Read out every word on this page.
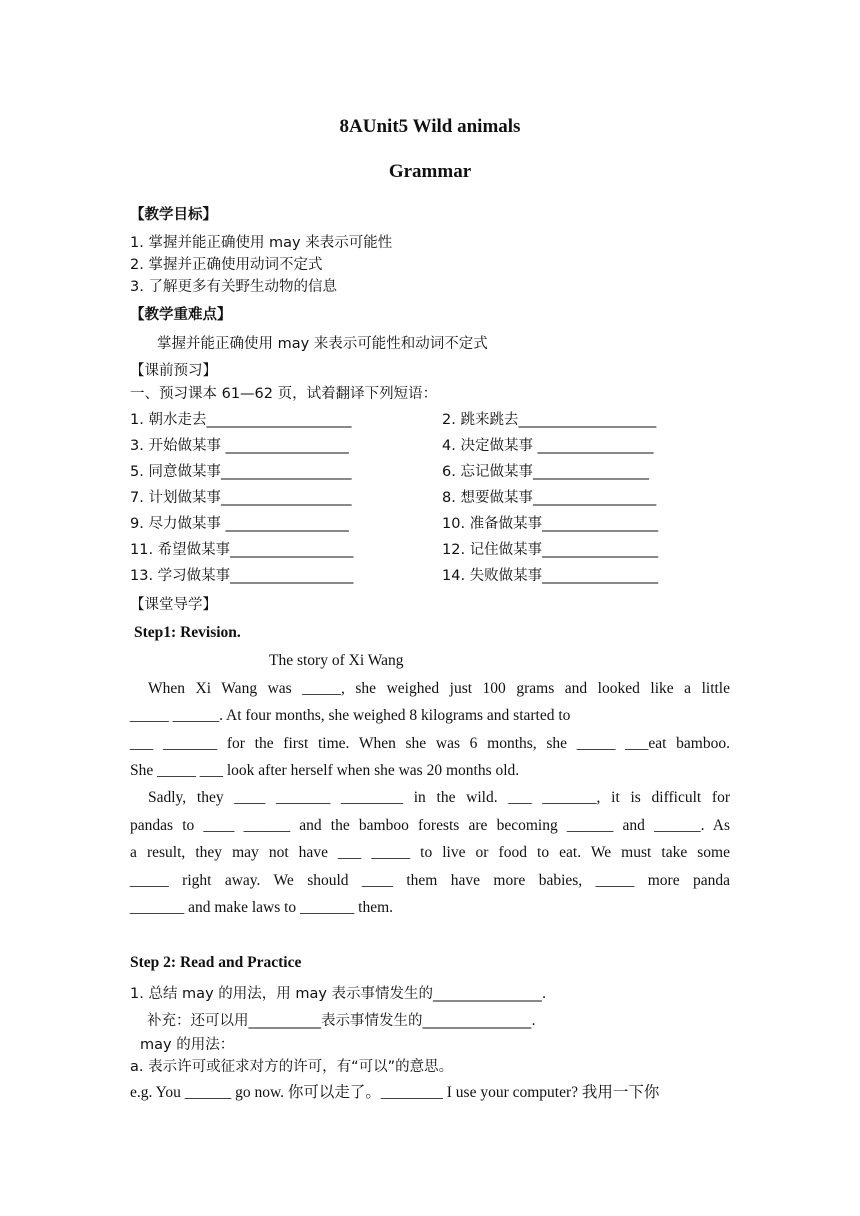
8AUnit5 Wild animals
Grammar
【教学目标】
1. 掌握并能正确使用 may 来表示可能性
2. 掌握并正确使用动词不定式
3. 了解更多有关野生动物的信息
【教学重难点】
掌握并能正确使用 may 来表示可能性和动词不定式
【课前预习】
一、预习课本 61—62 页，试着翻译下列短语：
1. 朝水走去____________________
3. 开始做某事 _________________
5. 同意做某事__________________
7. 计划做某事__________________
9. 尽力做某事 _________________
11. 希望做某事_________________
13. 学习做某事_________________
2. 跳来跳去___________________
4. 决定做某事 ________________
6. 忘记做某事________________
8. 想要做某事_________________
10. 准备做某事________________
12. 记住做某事________________
14. 失败做某事________________
【课堂导学】
Step1: Revision.
The story of Xi Wang
When Xi Wang was _____, she weighed just 100 grams and looked like a little
_____ ______. At four months, she weighed 8 kilograms and started to
___ _______ for the first time. When she was 6 months, she _____ ___eat bamboo.
She _____ ___ look after herself when she was 20 months old.
Sadly, they ____ _______ ________ in the wild. ___ _______, it is difficult for
pandas to ____ ______ and the bamboo forests are becoming ______ and ______. As
a result, they may not have ___ _____ to live or food to eat. We must take some
_____ right away. We should ____ them have more babies, _____ more panda
_______ and make laws to _______ them.
Step 2: Read and Practice
1. 总结 may 的用法，用 may 表示事情发生的_______________.
补充：还可以用__________表示事情发生的_______________.
may 的用法：
a. 表示许可或征求对方的许可，有“可以”的意思。
e.g. You ______ go now. 你可以走了。________ I use your computer? 我用一下你
